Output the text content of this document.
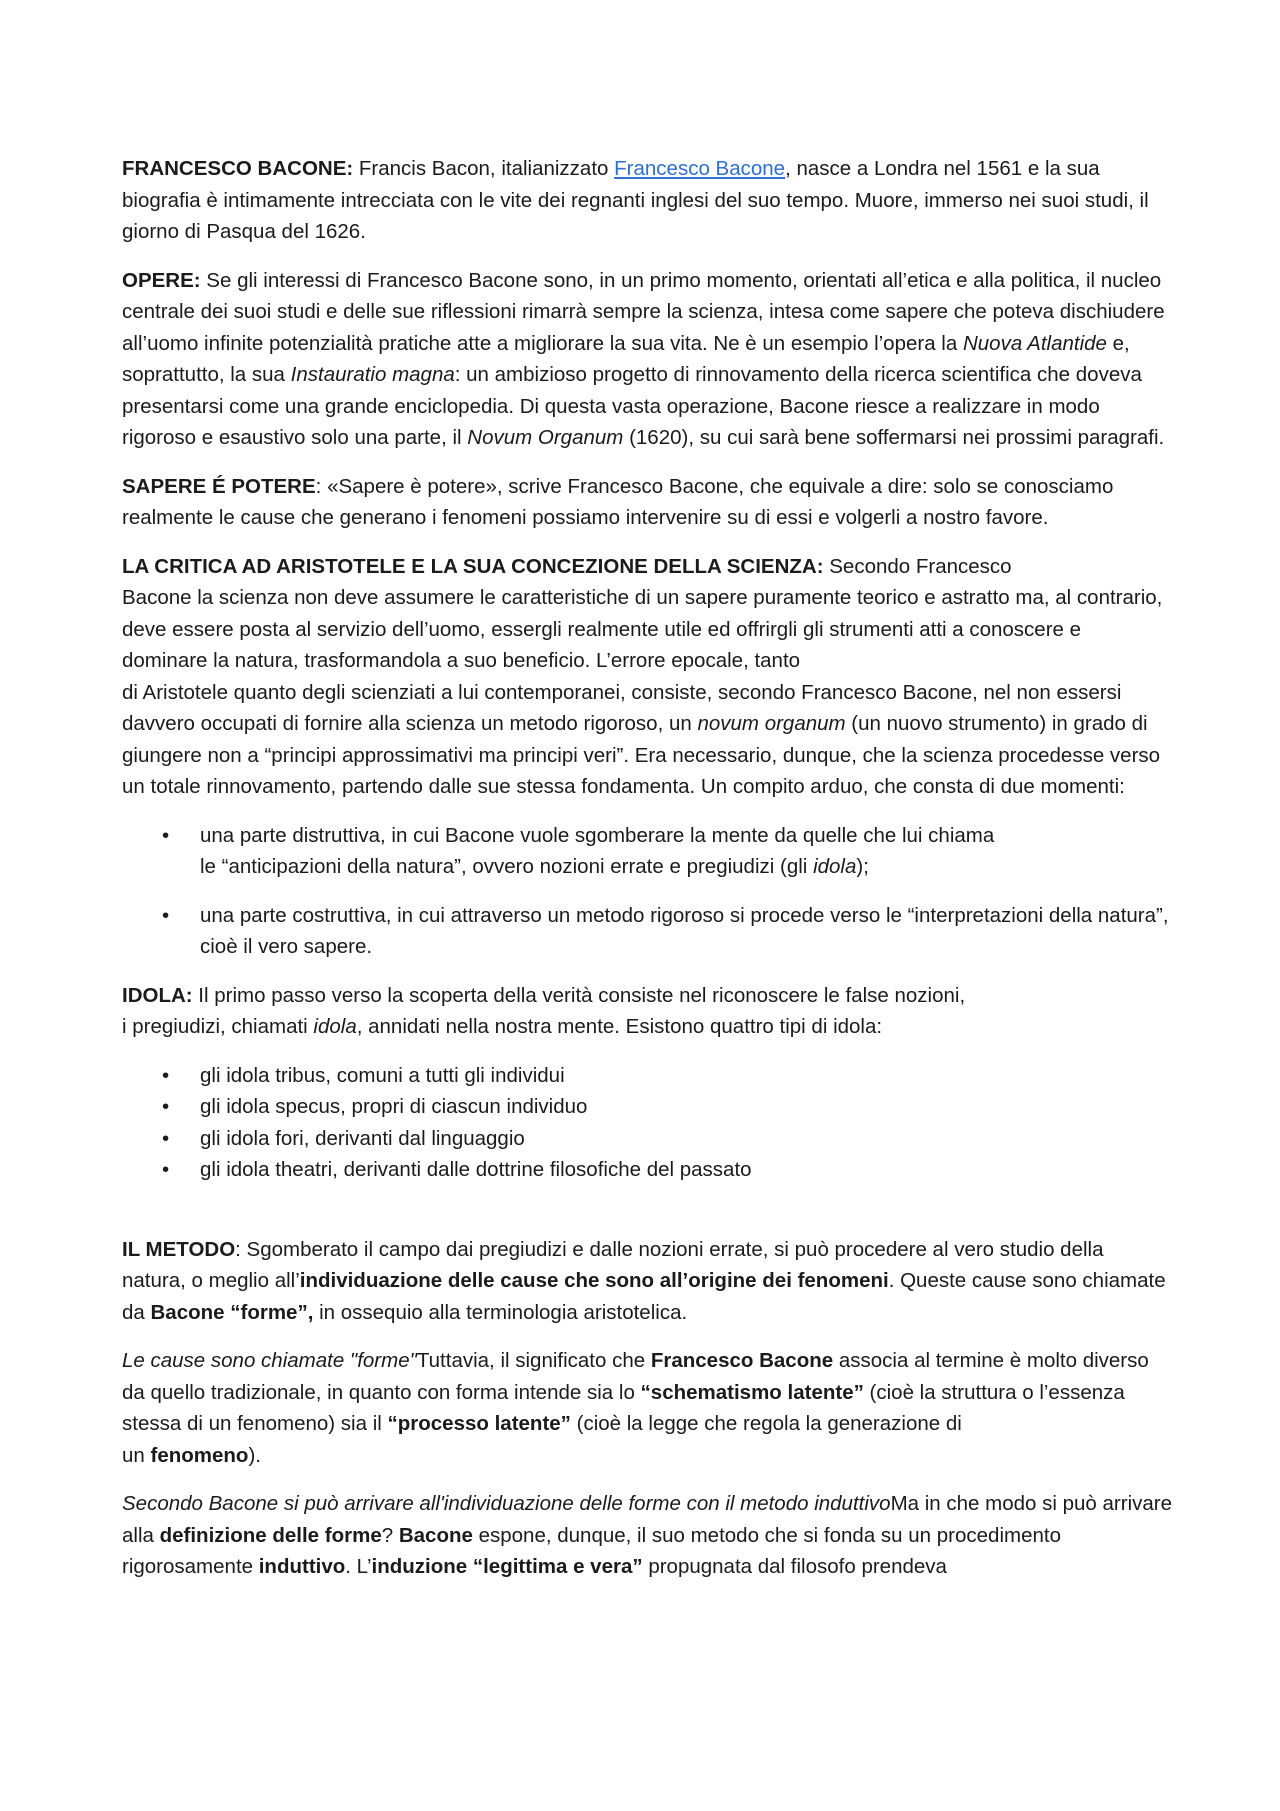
FRANCESCO BACONE: Francis Bacon, italianizzato Francesco Bacone, nasce a Londra nel 1561 e la sua biografia è intimamente intrecciata con le vite dei regnanti inglesi del suo tempo. Muore, immerso nei suoi studi, il giorno di Pasqua del 1626.

OPERE: Se gli interessi di Francesco Bacone sono, in un primo momento, orientati all’etica e alla politica, il nucleo centrale dei suoi studi e delle sue riflessioni rimarrà sempre la scienza, intesa come sapere che poteva dischiudere all’uomo infinite potenzialità pratiche atte a migliorare la sua vita. Ne è un esempio l’opera la Nuova Atlantide e, soprattutto, la sua Instauratio magna: un ambizioso progetto di rinnovamento della ricerca scientifica che doveva presentarsi come una grande enciclopedia. Di questa vasta operazione, Bacone riesce a realizzare in modo rigoroso e esaustivo solo una parte, il Novum Organum (1620), su cui sarà bene soffermarsi nei prossimi paragrafi.

SAPERE É POTERE: «Sapere è potere», scrive Francesco Bacone, che equivale a dire: solo se conosciamo realmente le cause che generano i fenomeni possiamo intervenire su di essi e volgerli a nostro favore.

LA CRITICA AD ARISTOTELE E LA SUA CONCEZIONE DELLA SCIENZA: Secondo Francesco
Bacone la scienza non deve assumere le caratteristiche di un sapere puramente teorico e astratto ma, al contrario, deve essere posta al servizio dell’uomo, essergli realmente utile ed offrirgli gli strumenti atti a conoscere e dominare la natura, trasformandola a suo beneficio. L’errore epocale, tanto
di Aristotele quanto degli scienziati a lui contemporanei, consiste, secondo Francesco Bacone, nel non essersi davvero occupati di fornire alla scienza un metodo rigoroso, un novum organum (un nuovo strumento) in grado di giungere non a “principi approssimativi ma principi veri”. Era necessario, dunque, che la scienza procedesse verso un totale rinnovamento, partendo dalle sue stessa fondamenta. Un compito arduo, che consta di due momenti:

• una parte distruttiva, in cui Bacone vuole sgomberare la mente da quelle che lui chiama
le “anticipazioni della natura”, ovvero nozioni errate e pregiudizi (gli idola);
• una parte costruttiva, in cui attraverso un metodo rigoroso si procede verso le “interpretazioni della natura”, cioè il vero sapere.

IDOLA: Il primo passo verso la scoperta della verità consiste nel riconoscere le false nozioni,
i pregiudizi, chiamati idola, annidati nella nostra mente. Esistono quattro tipi di idola:

• gli idola tribus, comuni a tutti gli individui
• gli idola specus, propri di ciascun individuo
• gli idola fori, derivanti dal linguaggio
• gli idola theatri, derivanti dalle dottrine filosofiche del passato

IL METODO: Sgomberato il campo dai pregiudizi e dalle nozioni errate, si può procedere al vero studio della natura, o meglio all’individuazione delle cause che sono all’origine dei fenomeni. Queste cause sono chiamate da Bacone “forme”, in ossequio alla terminologia aristotelica.

Le cause sono chiamate "forme"Tuttavia, il significato che Francesco Bacone associa al termine è molto diverso da quello tradizionale, in quanto con forma intende sia lo “schematismo latente” (cioè la struttura o l’essenza stessa di un fenomeno) sia il “processo latente” (cioè la legge che regola la generazione di
un fenomeno).

Secondo Bacone si può arrivare all'individuazione delle forme con il metodo induttivoMa in che modo si può arrivare alla definizione delle forme? Bacone espone, dunque, il suo metodo che si fonda su un procedimento rigorosamente induttivo. L’induzione “legittima e vera” propugnata dal filosofo prendeva
